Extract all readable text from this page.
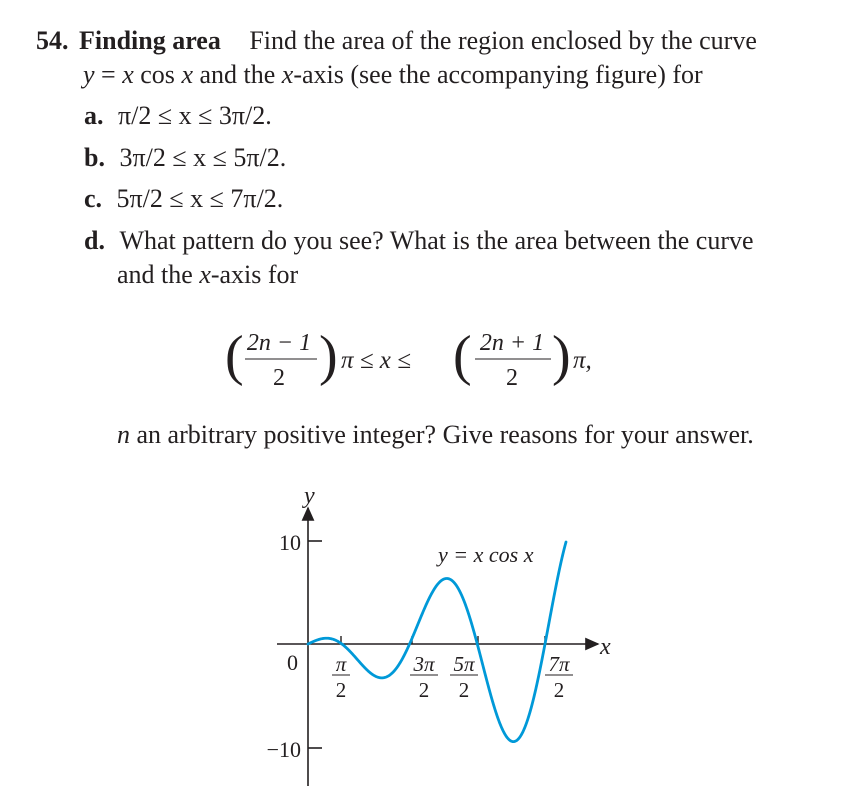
54. Finding area Find the area of the region enclosed by the curve
y = x cos x and the x-axis (see the accompanying figure) for
a. π/2 ≤ x ≤ 3π/2.
b. 3π/2 ≤ x ≤ 5π/2.
c. 5π/2 ≤ x ≤ 7π/2.
d. What pattern do you see? What is the area between the curve
and the x-axis for
( 2n − 1
2 ) π ≤ x ≤ ( 2n + 1
2 ) π,
n an arbitrary positive integer? Give reasons for your answer.
x
y
10
−10
0 π
2
3π
2
5π
2
7π
2
y = x cos x
